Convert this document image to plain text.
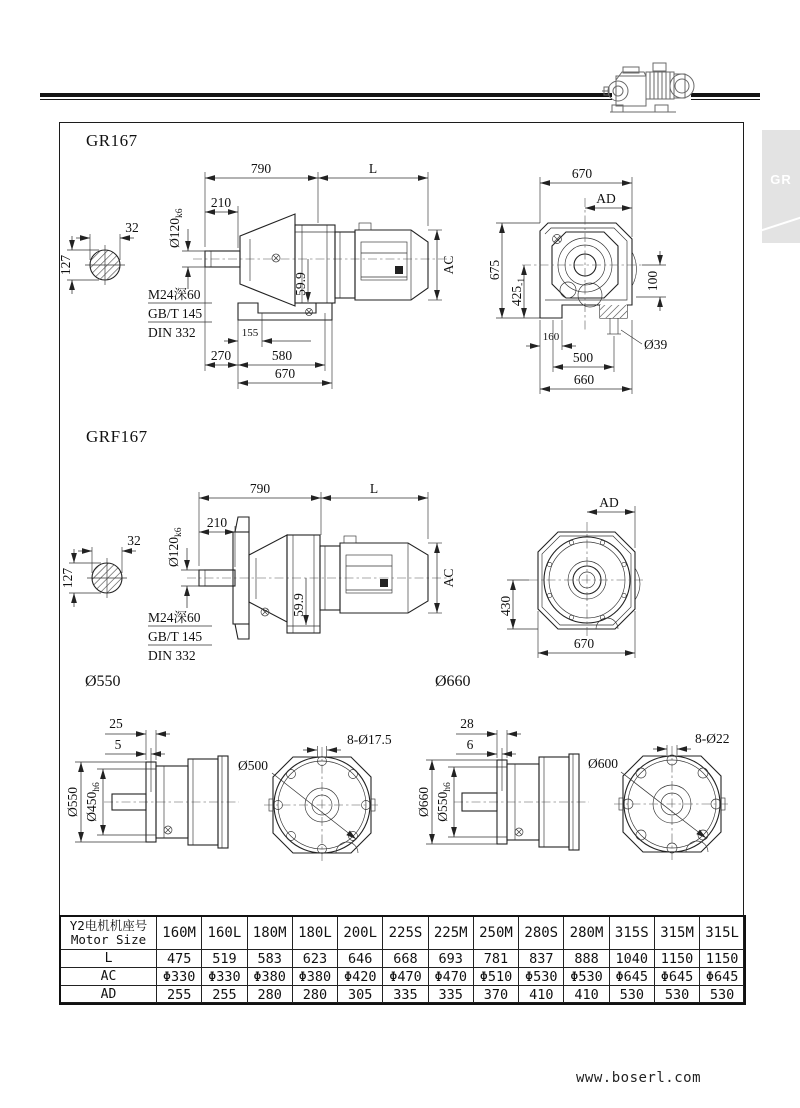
GR
GR167
GRF167
Ø550	Ø660
32
127
790	L
210
$Ø120_{k6}$
M24深60
GB/T 145
DIN 332
59.9
AC
155
270	580
670
670
AD
675
$425_{-1}$	100
Ø39
160
500
660
32
127
790	L
210
$Ø120_{k6}$
M24深60
GB/T 145
DIN 332
59.9
AC
AD
430
670
25
5
Ø550 $Ø450_{h6}$
Ø500
8-Ø17.5
28
6
Ø660 $Ø550_{h6}$
Ø600
8-Ø22
Y2电机机座号
Motor Size	160M	160L	180M	180L	200L	225S	225M	250M	280S	280M	315S	315M	315L
L	475	519	583	623	646	668	693	781	837	888	1040	1150	1150
AC	Φ330	Φ330	Φ380	Φ380	Φ420	Φ470	Φ470	Φ510	Φ530	Φ530	Φ645	Φ645	Φ645
AD	255	255	280	280	305	335	335	370	410	410	530	530	530
www.boserl.com
